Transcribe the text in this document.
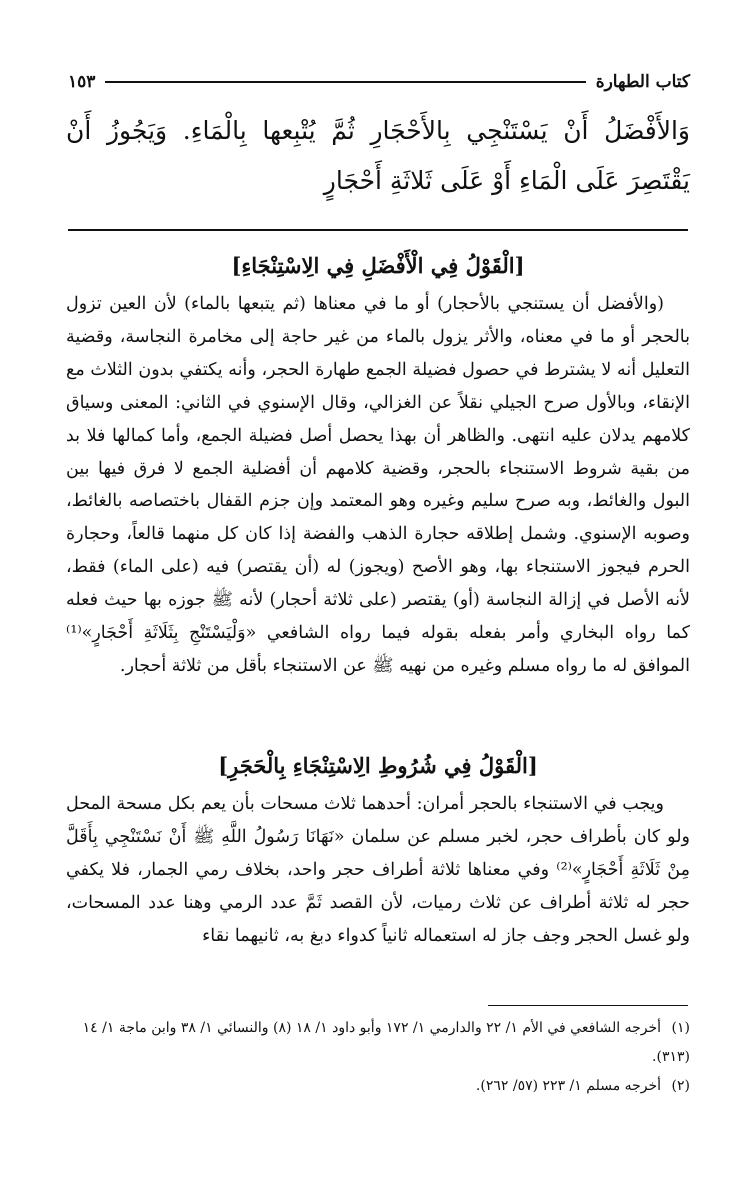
كتاب الطهارة
١٥٣
وَالأَفْضَلُ أَنْ يَسْتَنْجِي بِالأَحْجَارِ ثُمَّ يُتْبِعها بِالْمَاءِ. وَيَجُوزُ أَنْ يَقْتَصِرَ عَلَى الْمَاءِ أَوْ عَلَى ثَلاثَةِ أَحْجَارٍ
[الْقَوْلُ فِي الْأَفْضَلِ فِي الِاسْتِنْجَاءِ]

(والأفضل أن يستنجي بالأحجار) أو ما في معناها (ثم يتبعها بالماء) لأن العين تزول بالحجر أو ما في معناه، والأثر يزول بالماء من غير حاجة إلى مخامرة النجاسة، وقضية التعليل أنه لا يشترط في حصول فضيلة الجمع طهارة الحجر، وأنه يكتفي بدون الثلاث مع الإنقاء، وبالأول صرح الجيلي نقلاً عن الغزالي، وقال الإسنوي في الثاني: المعنى وسياق كلامهم يدلان عليه انتهى. والظاهر أن بهذا يحصل أصل فضيلة الجمع، وأما كمالها فلا بد من بقية شروط الاستنجاء بالحجر، وقضية كلامهم أن أفضلية الجمع لا فرق فيها بين البول والغائط، وبه صرح سليم وغيره وهو المعتمد وإن جزم القفال باختصاصه بالغائط، وصوبه الإسنوي. وشمل إطلاقه حجارة الذهب والفضة إذا كان كل منهما قالعاً، وحجارة الحرم فيجوز الاستنجاء بها، وهو الأصح (ويجوز) له (أن يقتصر) فيه (على الماء) فقط، لأنه الأصل في إزالة النجاسة (أو) يقتصر (على ثلاثة أحجار) لأنه ﷺ جوزه بها حيث فعله كما رواه البخاري وأمر بفعله بقوله فيما رواه الشافعي «وَلْيَسْتَنْجِ بِثَلَاثَةِ أَحْجَارٍ»⁽¹⁾ الموافق له ما رواه مسلم وغيره من نهيه ﷺ عن الاستنجاء بأقل من ثلاثة أحجار.

[الْقَوْلُ فِي شُرُوطِ الِاسْتِنْجَاءِ بِالْحَجَرِ]

ويجب في الاستنجاء بالحجر أمران: أحدهما ثلاث مسحات بأن يعم بكل مسحة المحل ولو كان بأطراف حجر، لخبر مسلم عن سلمان «نَهَانَا رَسُولُ اللَّهِ ﷺ أَنْ نَسْتَنْجِي بِأَقَلَّ مِنْ ثَلَاثَةِ أَحْجَارٍ»⁽²⁾ وفي معناها ثلاثة أطراف حجر واحد، بخلاف رمي الجمار، فلا يكفي حجر له ثلاثة أطراف عن ثلاث رميات، لأن القصد ثَمَّ عدد الرمي وهنا عدد المسحات، ولو غسل الحجر وجف جاز له استعماله ثانياً كدواء دبغ به، ثانيهما نقاء

(١) أخرجه الشافعي في الأم ١/ ٢٢ والدارمي ١/ ١٧٢ وأبو داود ١/ ١٨ (٨) والنسائي ١/ ٣٨ وابن ماجة ١/ ١٤ (٣١٣).

(٢) أخرجه مسلم ١/ ٢٢٣ (٥٧/ ٢٦٢).
